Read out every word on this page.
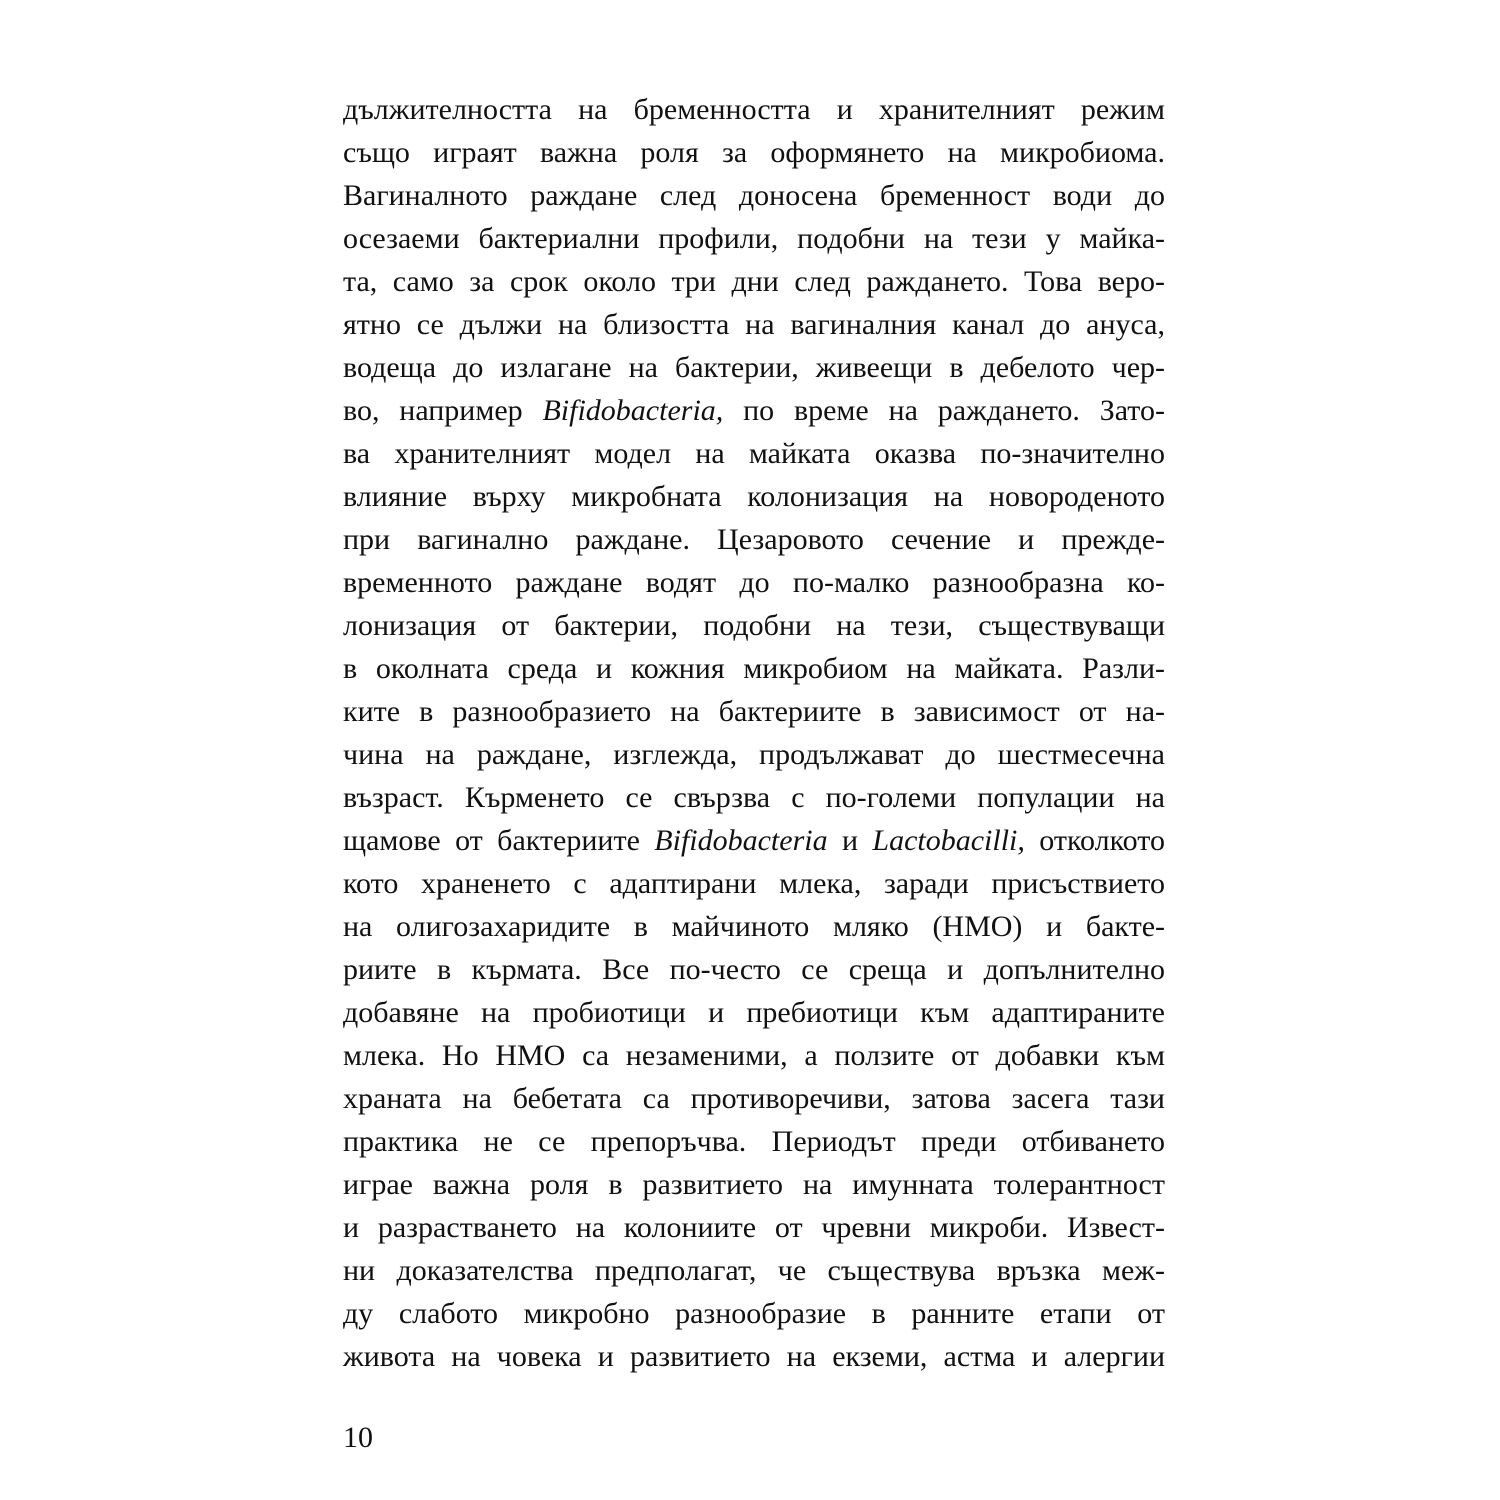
дължителността на бременността и хранителният режим
също играят важна роля за оформянето на микробиома.
Вагиналното раждане след доносена бременност води до
осезаеми бактериални профили, подобни на тези у майка-
та, само за срок около три дни след раждането. Това веро-
ятно се дължи на близостта на вагиналния канал до ануса,
водеща до излагане на бактерии, живеещи в дебелото чер-
во, например Bifidobacteria, по време на раждането. Зато-
ва хранителният модел на майката оказва по-значително
влияние върху микробната колонизация на новороденото
при вагинално раждане. Цезаровото сечение и прежде-
временното раждане водят до по-малко разнообразна ко-
лонизация от бактерии, подобни на тези, съществуващи
в околната среда и кожния микробиом на майката. Разли-
ките в разнообразието на бактериите в зависимост от на-
чина на раждане, изглежда, продължават до шестмесечна
възраст. Кърменето се свързва с по-големи популации на
щамове от бактериите Bifidobacteria и Lactobacilli, отколкото
кото храненето с адаптирани млека, заради присъствието
на олигозахаридите в майчиното мляко (HMO) и бакте-
риите в кърмата. Все по-често се среща и допълнително
добавяне на пробиотици и пребиотици към адаптираните
млека. Но HMO са незаменими, а ползите от добавки към
храната на бебетата са противоречиви, затова засега тази
практика не се препоръчва. Периодът преди отбиването
играе важна роля в развитието на имунната толерантност
и разрастването на колониите от чревни микроби. Извест-
ни доказателства предполагат, че съществува връзка меж-
ду слабото микробно разнообразие в ранните етапи от
живота на човека и развитието на екземи, астма и алергии
10
